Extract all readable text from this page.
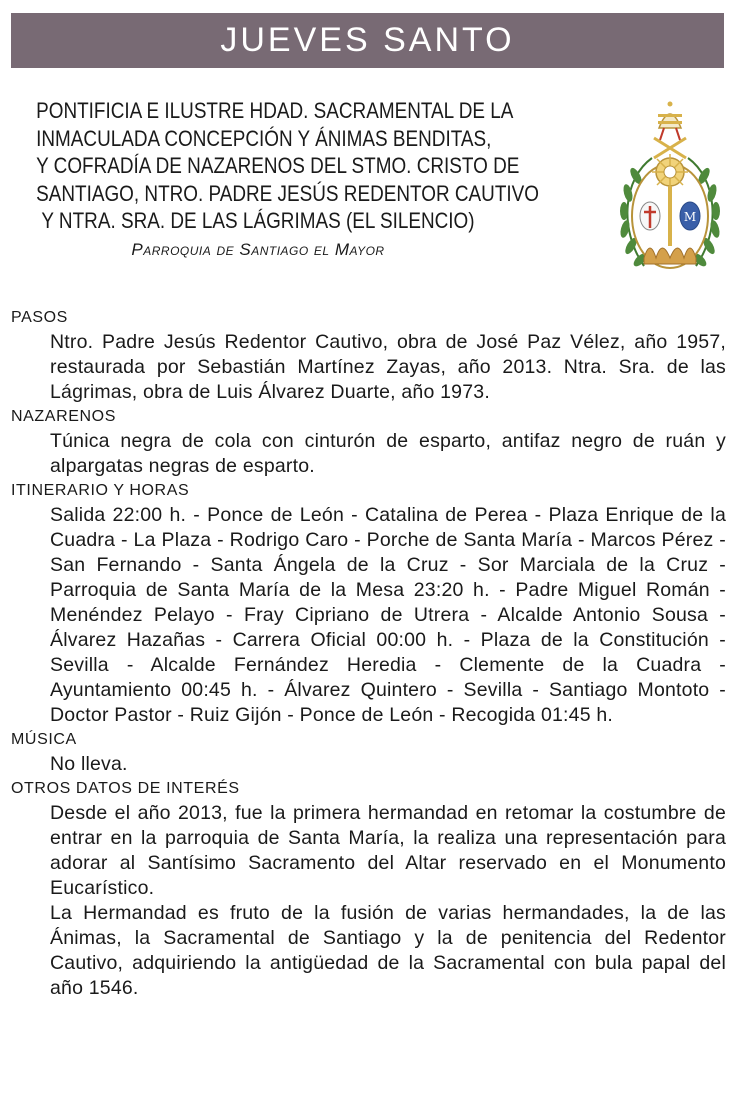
JUEVES SANTO
PONTIFICIA E ILUSTRE HDAD. SACRAMENTAL DE LA
INMACULADA CONCEPCIÓN Y ÁNIMAS BENDITAS,
Y COFRADÍA DE NAZARENOS DEL STMO. CRISTO DE
SANTIAGO, NTRO. PADRE JESÚS REDENTOR CAUTIVO
Y NTRA. SRA. DE LAS LÁGRIMAS (EL SILENCIO)
Parroquia de Santiago el Mayor
M
PASOS

Ntro. Padre Jesús Redentor Cautivo, obra de José Paz Vélez, año 1957, restaurada por Sebastián Martínez Zayas, año 2013. Ntra. Sra. de las Lágrimas, obra de Luis Álvarez Duarte, año 1973.

NAZARENOS

Túnica negra de cola con cinturón de esparto, antifaz negro de ruán y alpargatas negras de esparto.

ITINERARIO Y HORAS

Salida 22:00 h. - Ponce de León - Catalina de Perea - Plaza Enrique de la Cuadra - La Plaza - Rodrigo Caro - Porche de Santa María - Marcos Pérez - San Fernando - Santa Ángela de la Cruz - Sor Marciala de la Cruz - Parroquia de Santa María de la Mesa 23:20 h. - Padre Miguel Román - Menéndez Pelayo - Fray Cipriano de Utrera - Alcalde Antonio Sousa - Álvarez Hazañas - Carrera Oficial 00:00 h. - Plaza de la Constitución - Sevilla - Alcalde Fernández Heredia - Clemente de la Cuadra - Ayuntamiento 00:45 h. - Álvarez Quintero - Sevilla - Santiago Montoto - Doctor Pastor - Ruiz Gijón - Ponce de León - Recogida 01:45 h.

MÚSICA

No lleva.

OTROS DATOS DE INTERÉS

Desde el año 2013, fue la primera hermandad en retomar la costumbre de entrar en la parroquia de Santa María, la realiza una representación para adorar al Santísimo Sacramento del Altar reservado en el Monumento Eucarístico.

La Hermandad es fruto de la fusión de varias hermandades, la de las Ánimas, la Sacramental de Santiago y la de penitencia del Redentor Cautivo, adquiriendo la antigüedad de la Sacramental con bula papal del año 1546.
